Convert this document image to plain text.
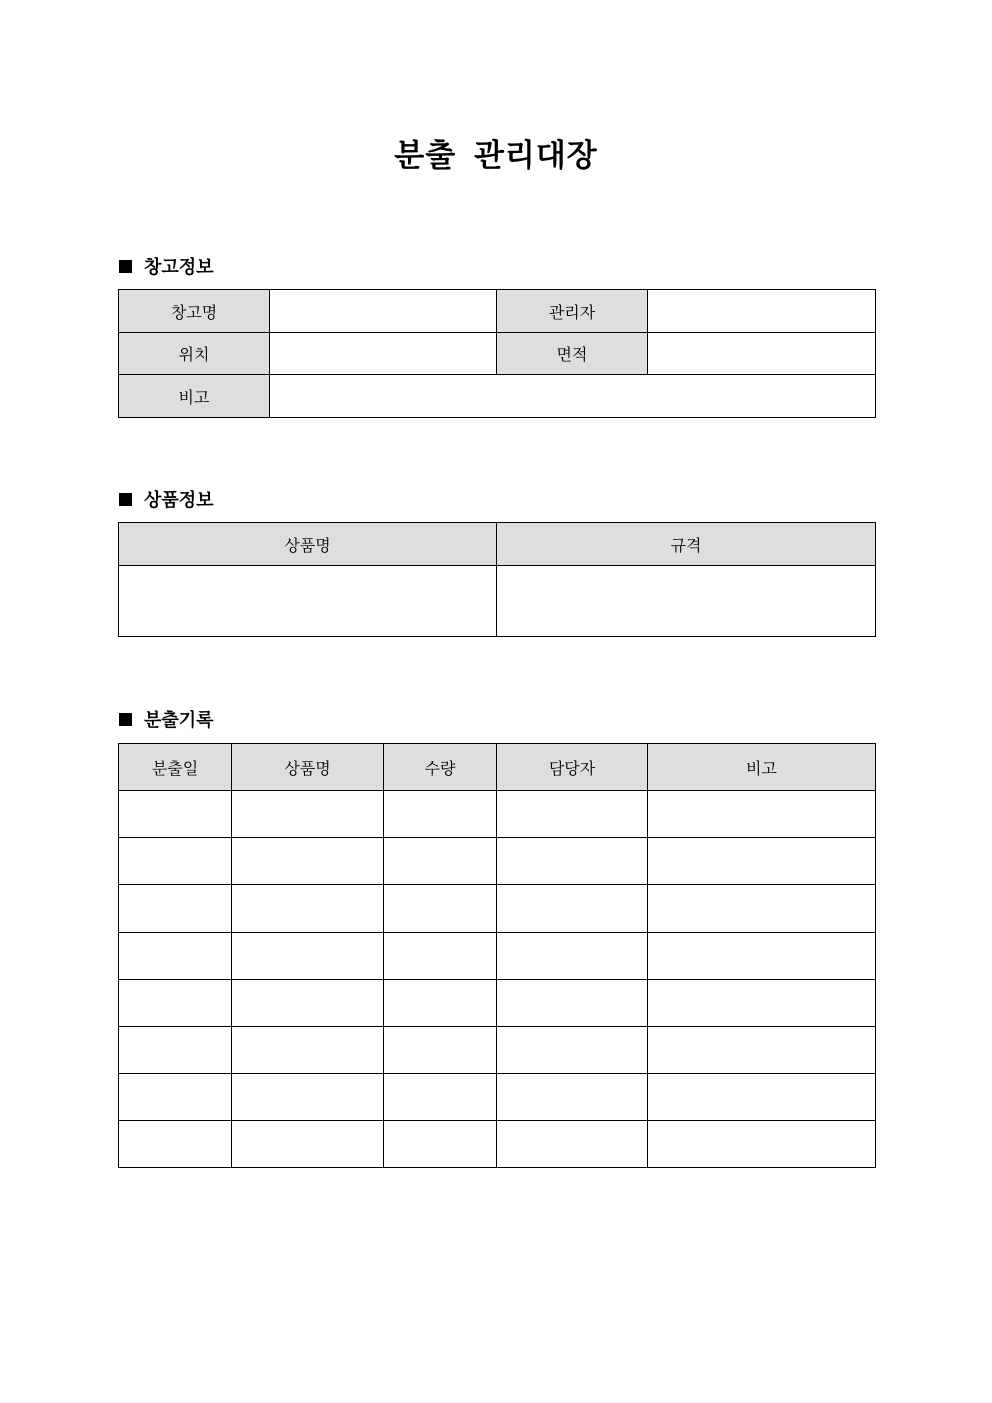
분출 관리대장
창고정보
창고명		관리자	
위치		면적	
비고			
상품정보
상품명	규격

분출기록
분출일	상품명	수량	담당자	비고
